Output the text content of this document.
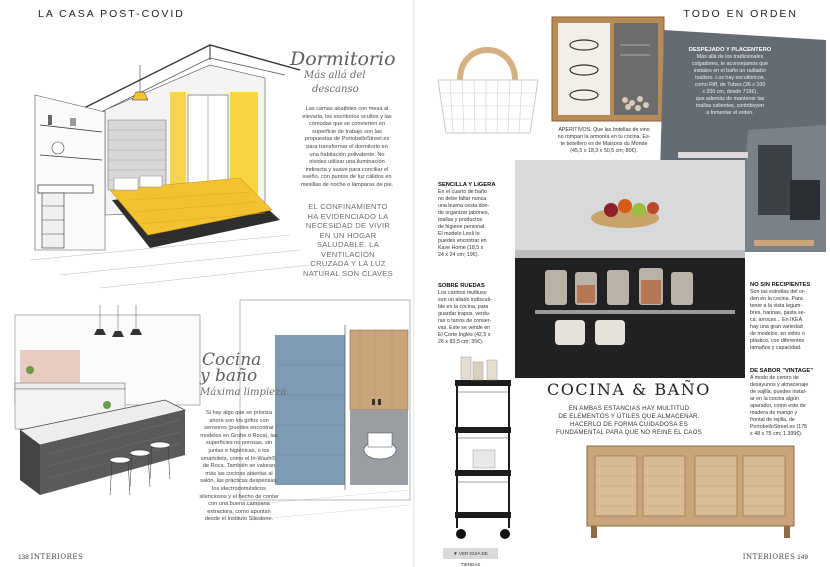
LA CASA POST-COVID
Dormitorio
Más allá del
descanso
Las camas abatibles con mesa al
elevarla, los escritorios ocultos y las
cómodas que se convierten en
superficie de trabajo son las
propuestas de PortobelloStreet.es
para transformar el dormitorio en
una habitación polivalente. No
olvides utilizar una iluminación
indirecta y suave para conciliar el
sueño, con puntos de luz cálidos en
mesillas de noche o lámparas de pie.
EL CONFINAMIENTO
HA EVIDENCIADO LA
NECESIDAD DE VIVIR
EN UN HOGAR
SALUDABLE. LA
VENTILACIÓN
CRUZADA Y LA LUZ
NATURAL SON CLAVES
Cocina
y baño
Máxima limpieza
Si hay algo que se priorizа
ahora son los grifos con
sensores (puedes encontrar
modelos en Grohe o Roca), las
superficies no porosas, sin
juntas e higiénicas, o los
smartolets, como el In-Wash®,
de Roca. También se valoran
más las cocinas abiertas al
salón, las prácticas despensas,
los electrodomésticos
silenciosos y el hecho de contar
con una buena campana
extractora, como apuntan
desde el Instituto Silestone.
138 INTERIORES
TODO EN ORDEN
DESPEJADO Y PLACENTERO
Más allá de los tradicionales
colgadores, te aconsejamos que
instales en el baño un radiador
toallero. Los hay escultóricos,
como Riff, de Tubes (26 x 100
x 200 cm, desde 719€),
que además de mantener las
toallas calientes, contribuyen
a fomentar el orden.
APERITIVOS. Que las botellas de vino
no rompan la armonía en tu cocina. Es-
te botellero es de Maisons du Monde
(45,5 x 18,3 x 50,5 cm; 80€).
SENCILLA Y LIGERA
En el cuarto de baño
no debe faltar nunca
una buena cesta don-
de organizar jabones,
toallas y productos
de higiene personal.
El modelo Lesli lo
puedes encontrar en
Kave Home (18,5 x
24 x 24 cm; 19€).
SOBRE RUEDAS
Los carritos multiuso
son un aliado indiscuti-
ble en la cocina, para
guardar trapos, verdu-
ras o tarros de conser-
vas. Este se vende en
El Corte Inglés (42,5 x
26 x 83,5 cm; 35€).
NO SIN RECIPIENTES
Son las estrellas del or-
den en la cocina. Para
tener a la vista legum-
bres, harinas, pasta se-
ca, arroces... En IKEA
hay una gran variedad
de modelos, en vidrio o
plástico, con diferentes
tamaños y capacidad.
DE SABOR "VINTAGE"
A modo de centro de
desayunos y almacenaje
de vajilla, puedes instal-
ar en la cocina algún
aparador, como este de
madera de mango y
frontal de rejilla, de
PortobelloStreet.es (175
x 48 x 75 cm; 1.399€).
COCINA & BAÑO
EN AMBAS ESTANCIAS HAY MULTITUD
DE ELEMENTOS Y ÚTILES QUE ALMACENAR.
HACERLO DE FORMA CUIDADOSA ES
FUNDAMENTAL PARA QUE NO REINE EL CAOS
INTERIORES 149
▼ VER GUÍA DE TIENDAS
